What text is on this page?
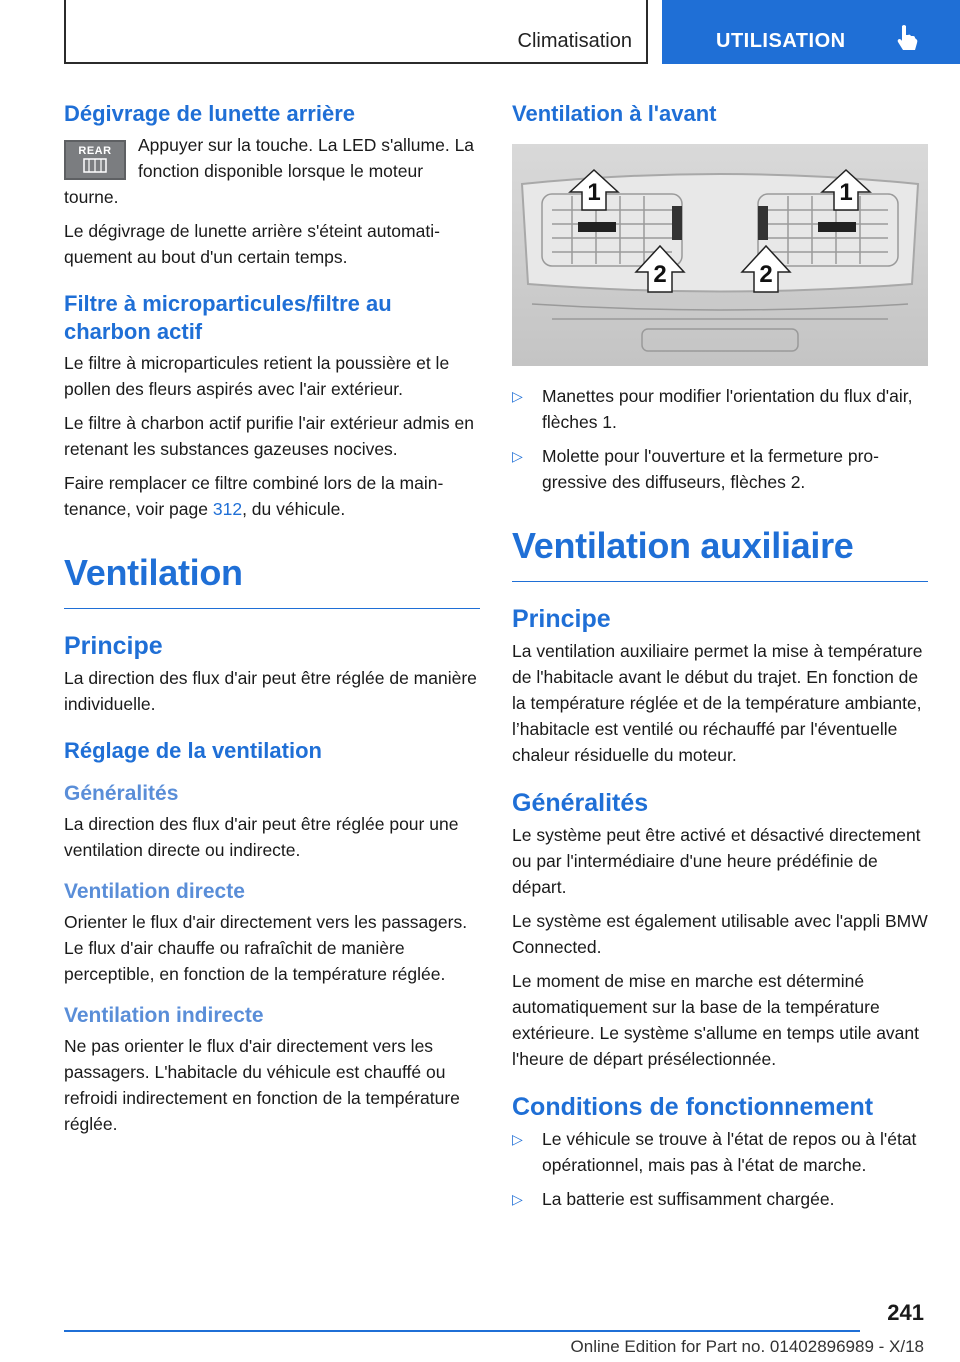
Climatisation	UTILISATION
Dégivrage de lunette arrière
REAR	Appuyer sur la touche. La LED s'allume. La fonction disponible lorsque le moteur tourne.

Le dégivrage de lunette arrière s'éteint automatiquement au bout d'un certain temps.

Filtre à microparticules/filtre au charbon actif

Le filtre à microparticules retient la poussière et le pollen des fleurs aspirés avec l'air extérieur.

Le filtre à charbon actif purifie l'air extérieur admis en retenant les substances gazeuses nocives.

Faire remplacer ce filtre combiné lors de la maintenance, voir page 312, du véhicule.

Ventilation
Principe

La direction des flux d'air peut être réglée de manière individuelle.

Réglage de la ventilation
Généralités

La direction des flux d'air peut être réglée pour une ventilation directe ou indirecte.

Ventilation directe

Orienter le flux d'air directement vers les passagers. Le flux d'air chauffe ou rafraîchit de manière perceptible, en fonction de la température réglée.

Ventilation indirecte

Ne pas orienter le flux d'air directement vers les passagers. L'habitacle du véhicule est chauffé ou refroidi indirectement en fonction de la température réglée.

Ventilation à l'avant
1	1
2	2
▷ Manettes pour modifier l'orientation du flux d'air, flèches 1.
▷ Molette pour l'ouverture et la fermeture progressive des diffuseurs, flèches 2.
Ventilation auxiliaire
Principe

La ventilation auxiliaire permet la mise à température de l'habitacle avant le début du trajet. En fonction de la température réglée et de la température ambiante, l’habitacle est ventilé ou réchauffé par l'éventuelle chaleur résiduelle du moteur.

Généralités

Le système peut être activé et désactivé directement ou par l'intermédiaire d'une heure prédéfinie de départ.

Le système est également utilisable avec l'appli BMW Connected.

Le moment de mise en marche est déterminé automatiquement sur la base de la température extérieure. Le système s'allume en temps utile avant l'heure de départ présélectionnée.

Conditions de fonctionnement
▷ Le véhicule se trouve à l'état de repos ou à l'état opérationnel, mais pas à l'état de marche.
▷ La batterie est suffisamment chargée.
241
Online Edition for Part no. 01402896989 - X/18
